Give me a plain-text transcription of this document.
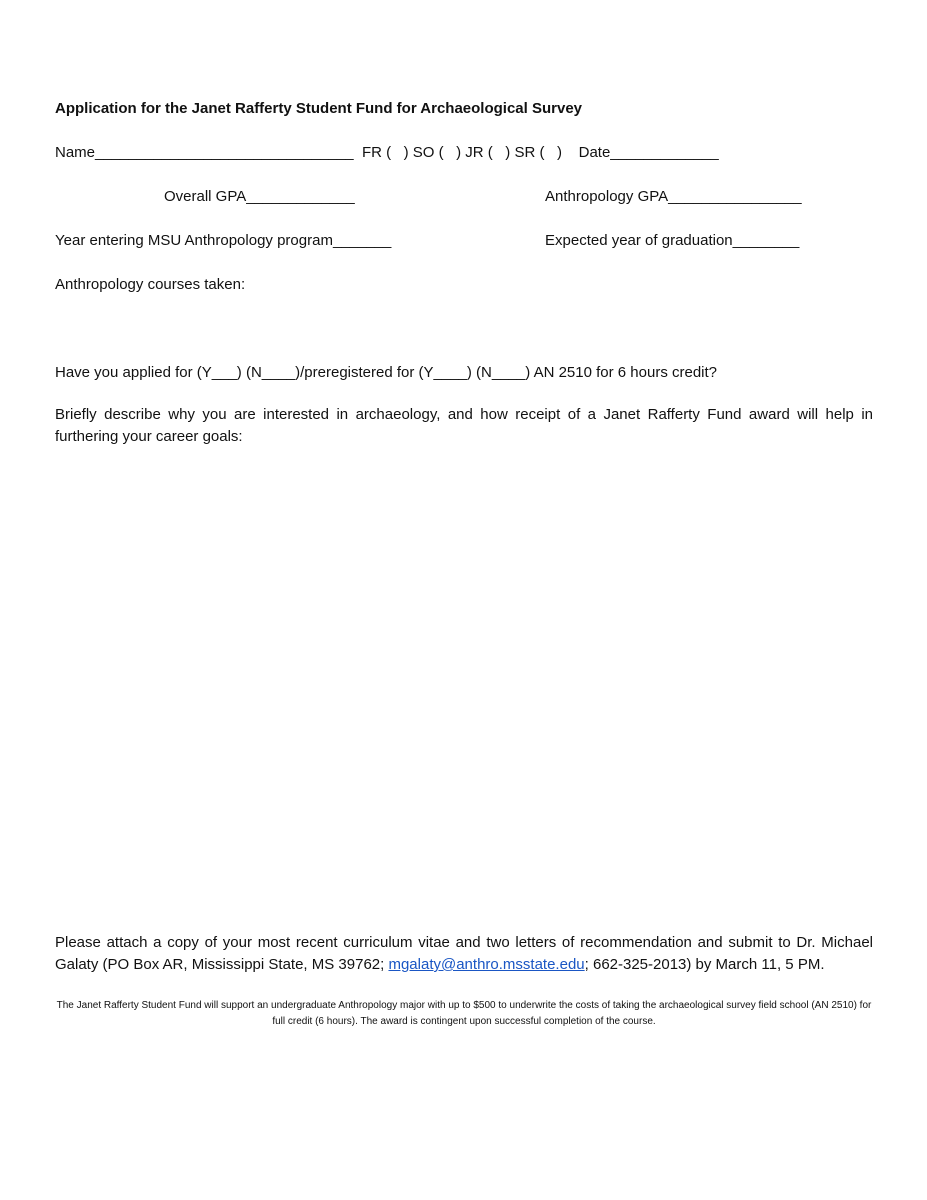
Application for the Janet Rafferty Student Fund for Archaeological Survey
Name_______________________________  FR (   ) SO (   ) JR (   ) SR (   )    Date_____________
Overall GPA_____________	Anthropology GPA________________
Year entering MSU Anthropology program_______	Expected year of graduation________
Anthropology courses taken:
Have you applied for (Y___) (N____)/preregistered for (Y____) (N____) AN 2510 for 6 hours credit?
Briefly describe why you are interested in archaeology, and how receipt of a Janet Rafferty Fund award will help in furthering your career goals:
Please attach a copy of your most recent curriculum vitae and two letters of recommendation and submit to Dr. Michael Galaty (PO Box AR, Mississippi State, MS 39762; mgalaty@anthro.msstate.edu; 662-325-2013) by March 11, 5 PM.
The Janet Rafferty Student Fund will support an undergraduate Anthropology major with up to $500 to underwrite the costs of taking the archaeological survey field school (AN 2510) for full credit (6 hours). The award is contingent upon successful completion of the course.
